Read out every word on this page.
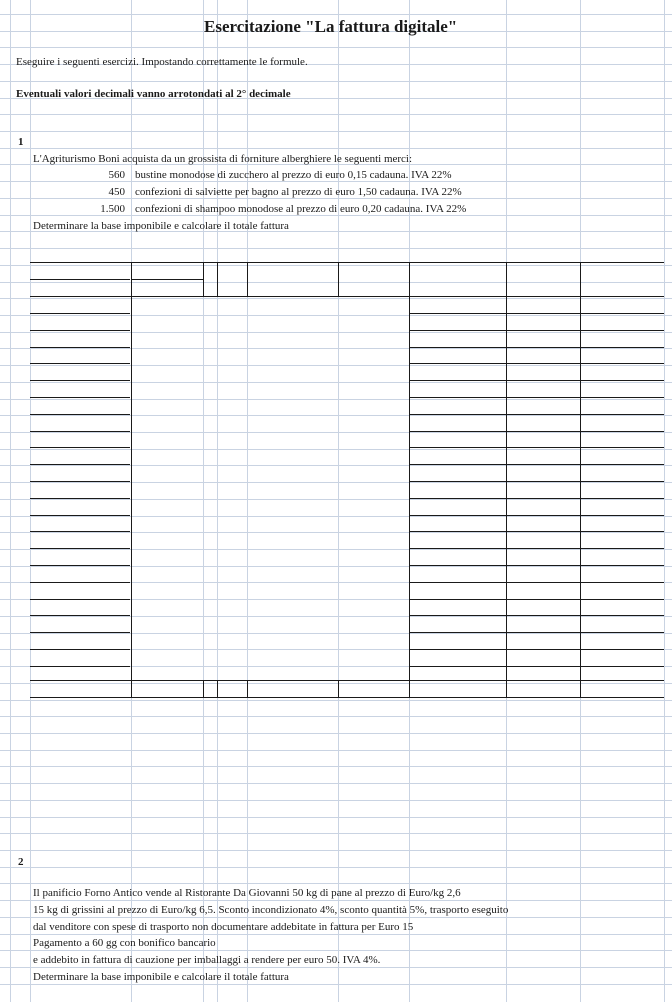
Esercitazione "La fattura digitale"
Eseguire i seguenti esercizi. Impostando correttamente le formule.
Eventuali valori decimali vanno arrotondati al 2° decimale
1
L'Agriturismo Boni acquista da un grossista di forniture alberghiere le seguenti merci:
560 bustine monodose di zucchero al prezzo di euro 0,15 cadauna. IVA 22%
450 confezioni di salviette per bagno al prezzo di euro 1,50 cadauna. IVA 22%
1.500 confezioni di shampoo monodose al prezzo di euro 0,20 cadauna. IVA 22%
Determinare la base imponibile e calcolare il totale fattura
2
Il panificio Forno Antico vende al Ristorante Da Giovanni 50 kg di pane al prezzo di Euro/kg 2,6
15 kg di grissini al prezzo di Euro/kg 6,5. Sconto incondizionato 4%, sconto quantità 5%, trasporto eseguito
dal venditore con spese di trasporto non documentare addebitate in fattura per Euro 15
Pagamento a 60 gg con bonifico bancario
e addebito in fattura di cauzione per imballaggi a rendere per euro 50. IVA 4%.
Determinare la base imponibile e calcolare il totale fattura
